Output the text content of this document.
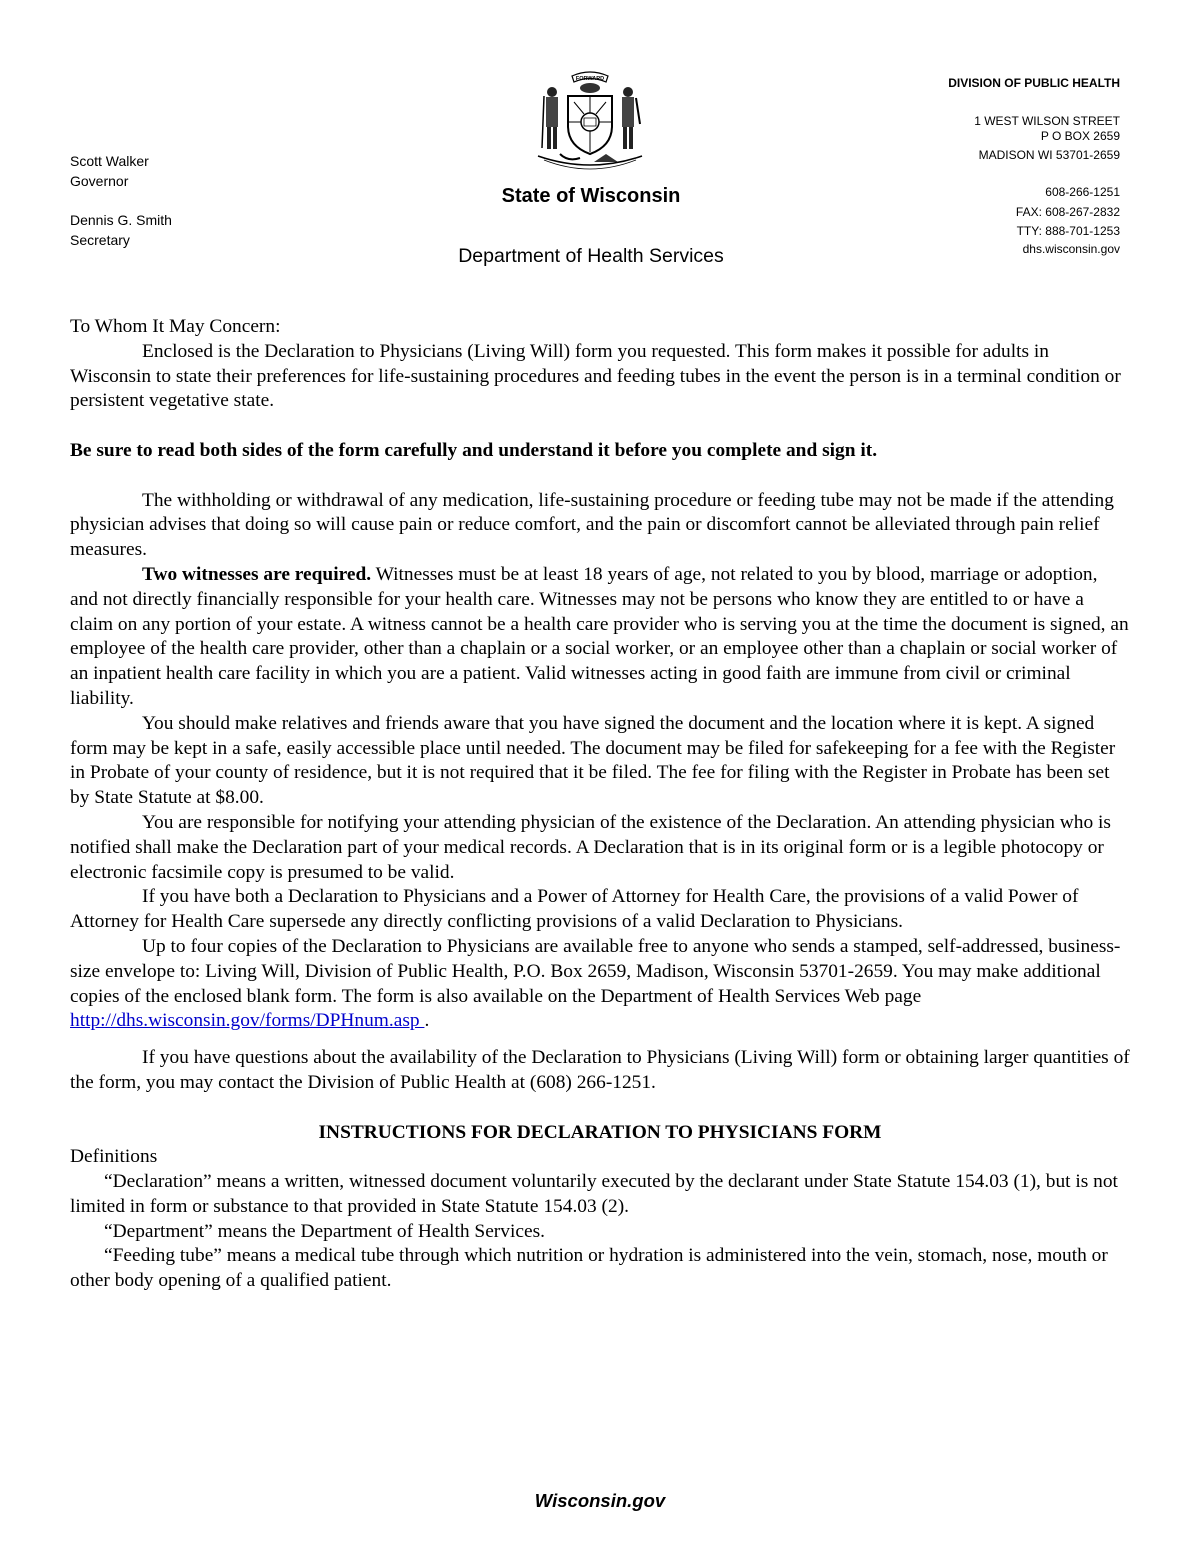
Scott Walker
Governor
Dennis G. Smith
Secretary
FORWARD
State of Wisconsin
Department of Health Services
DIVISION OF PUBLIC HEALTH
1 WEST WILSON STREET
P O BOX 2659
MADISON WI 53701-2659
608-266-1251
FAX: 608-267-2832
TTY: 888-701-1253
dhs.wisconsin.gov

To Whom It May Concern:

Enclosed is the Declaration to Physicians (Living Will) form you requested. This form makes it possible for adults in Wisconsin to state their preferences for life-sustaining procedures and feeding tubes in the event the person is in a terminal condition or persistent vegetative state.

Be sure to read both sides of the form carefully and understand it before you complete and sign it.

The withholding or withdrawal of any medication, life-sustaining procedure or feeding tube may not be made if the attending physician advises that doing so will cause pain or reduce comfort, and the pain or discomfort cannot be alleviated through pain relief measures.

Two witnesses are required. Witnesses must be at least 18 years of age, not related to you by blood, marriage or adoption, and not directly financially responsible for your health care. Witnesses may not be persons who know they are entitled to or have a claim on any portion of your estate. A witness cannot be a health care provider who is serving you at the time the document is signed, an employee of the health care provider, other than a chaplain or a social worker, or an employee other than a chaplain or social worker of an inpatient health care facility in which you are a patient. Valid witnesses acting in good faith are immune from civil or criminal liability.

You should make relatives and friends aware that you have signed the document and the location where it is kept. A signed form may be kept in a safe, easily accessible place until needed. The document may be filed for safekeeping for a fee with the Register in Probate of your county of residence, but it is not required that it be filed. The fee for filing with the Register in Probate has been set by State Statute at $8.00.

You are responsible for notifying your attending physician of the existence of the Declaration. An attending physician who is notified shall make the Declaration part of your medical records. A Declaration that is in its original form or is a legible photocopy or electronic facsimile copy is presumed to be valid.

If you have both a Declaration to Physicians and a Power of Attorney for Health Care, the provisions of a valid Power of Attorney for Health Care supersede any directly conflicting provisions of a valid Declaration to Physicians.

Up to four copies of the Declaration to Physicians are available free to anyone who sends a stamped, self-addressed, business-size envelope to: Living Will, Division of Public Health, P.O. Box 2659, Madison, Wisconsin 53701-2659. You may make additional copies of the enclosed blank form. The form is also available on the Department of Health Services Web page http://dhs.wisconsin.gov/forms/DPHnum.asp .

If you have questions about the availability of the Declaration to Physicians (Living Will) form or obtaining larger quantities of the form, you may contact the Division of Public Health at (608) 266-1251.

INSTRUCTIONS FOR DECLARATION TO PHYSICIANS FORM

Definitions

“Declaration” means a written, witnessed document voluntarily executed by the declarant under State Statute 154.03 (1), but is not limited in form or substance to that provided in State Statute 154.03 (2).

“Department” means the Department of Health Services.

“Feeding tube” means a medical tube through which nutrition or hydration is administered into the vein, stomach, nose, mouth or other body opening of a qualified patient.

Wisconsin.gov
